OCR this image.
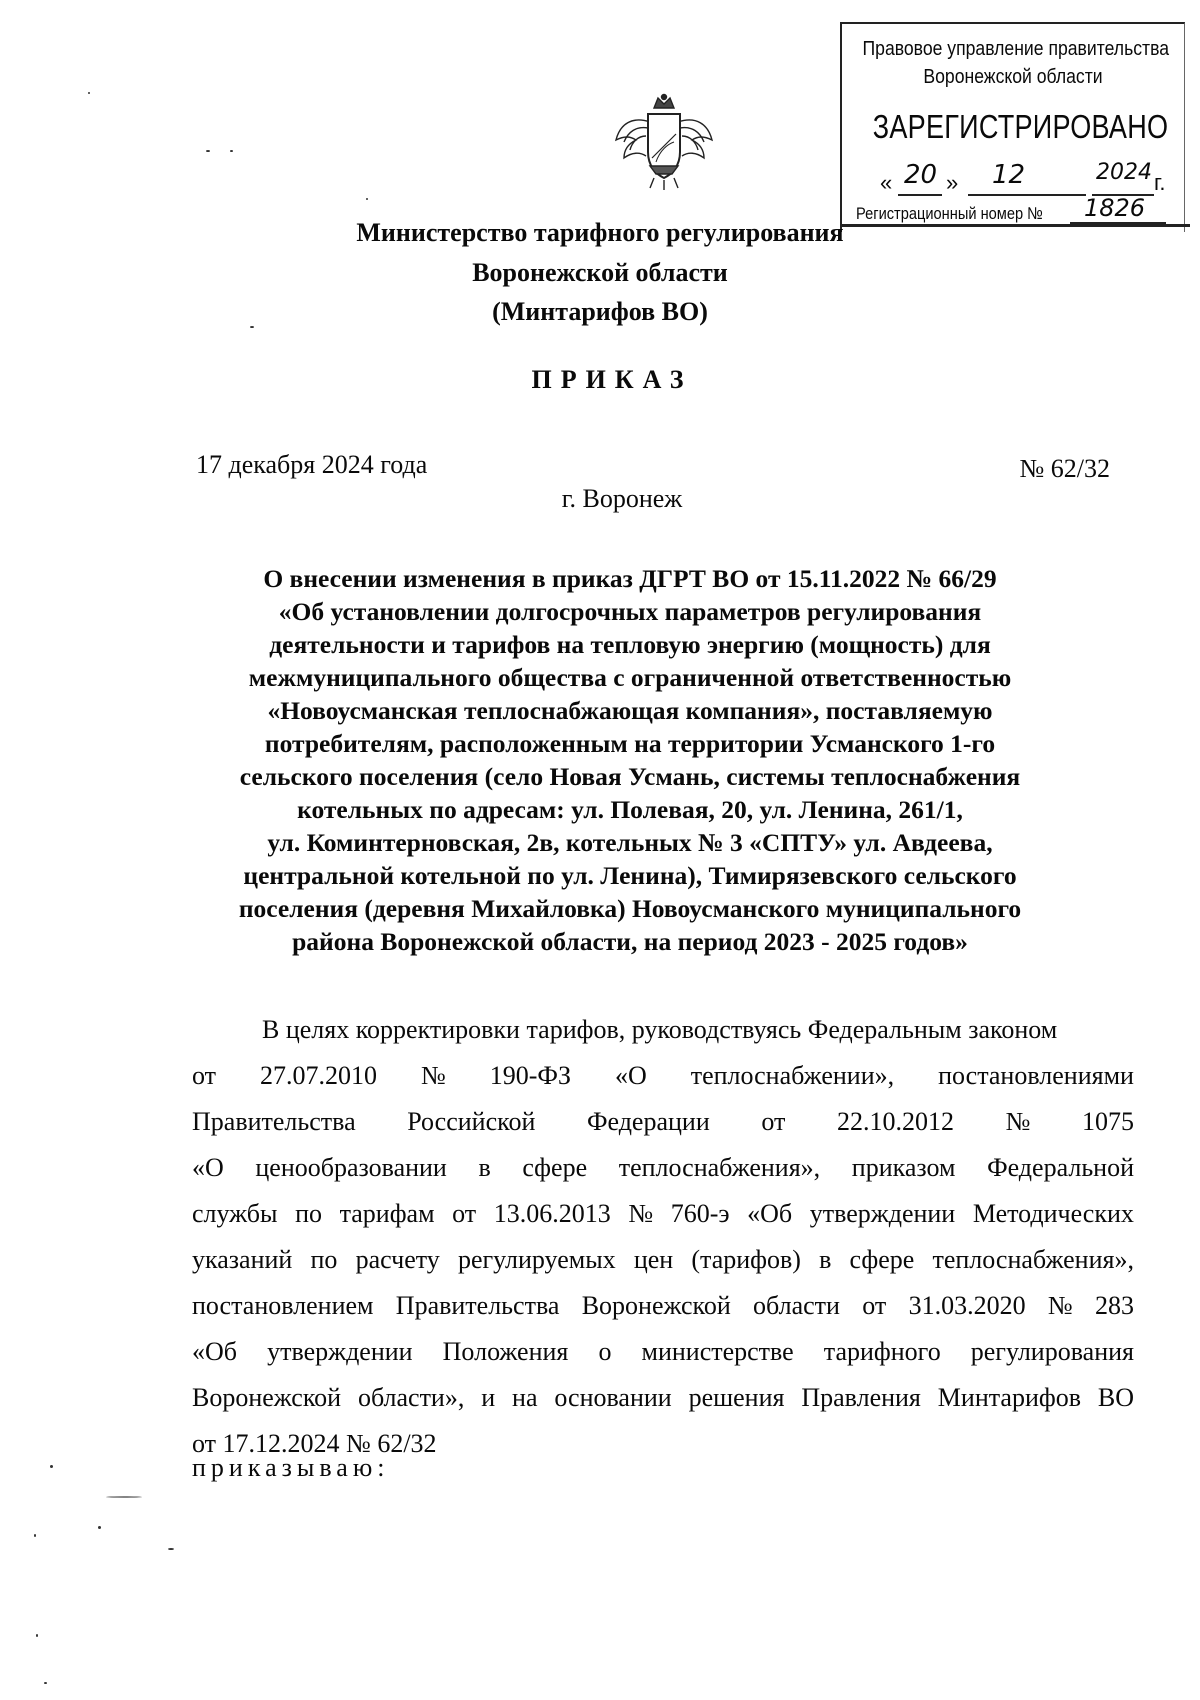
Правовое управление правительства
Воронежской области
ЗАРЕГИСТРИРОВАНО
« 20 » 12	2024 г.
Регистрационный номер № 1826
Министерство тарифного регулирования
Воронежской области
(Минтарифов ВО)
ПРИКАЗ
17 декабря 2024 года	№ 62/32
г. Воронеж
О внесении изменения в приказ ДГРТ ВО от 15.11.2022 № 66/29
«Об установлении долгосрочных параметров регулирования
деятельности и тарифов на тепловую энергию (мощность) для
межмуниципального общества с ограниченной ответственностью
«Новоусманская теплоснабжающая компания», поставляемую
потребителям, расположенным на территории Усманского 1-го
сельского поселения (село Новая Усмань, системы теплоснабжения
котельных по адресам: ул. Полевая, 20, ул. Ленина, 261/1,
ул. Коминтерновская, 2в, котельных № 3 «СПТУ» ул. Авдеева,
центральной котельной по ул. Ленина), Тимирязевского сельского
поселения (деревня Михайловка) Новоусманского муниципального
района Воронежской области, на период 2023 - 2025 годов»
В целях корректировки тарифов, руководствуясь Федеральным законом
от 27.07.2010 № 190-ФЗ «О теплоснабжении», постановлениями
Правительства Российской Федерации от 22.10.2012 № 1075
«О ценообразовании в сфере теплоснабжения», приказом Федеральной
службы по тарифам от 13.06.2013 № 760-э «Об утверждении Методических
указаний по расчету регулируемых цен (тарифов) в сфере теплоснабжения»,
постановлением Правительства Воронежской области от 31.03.2020 № 283
«Об утверждении Положения о министерстве тарифного регулирования
Воронежской области», и на основании решения Правления Минтарифов ВО
от 17.12.2024 № 62/32
приказываю:
